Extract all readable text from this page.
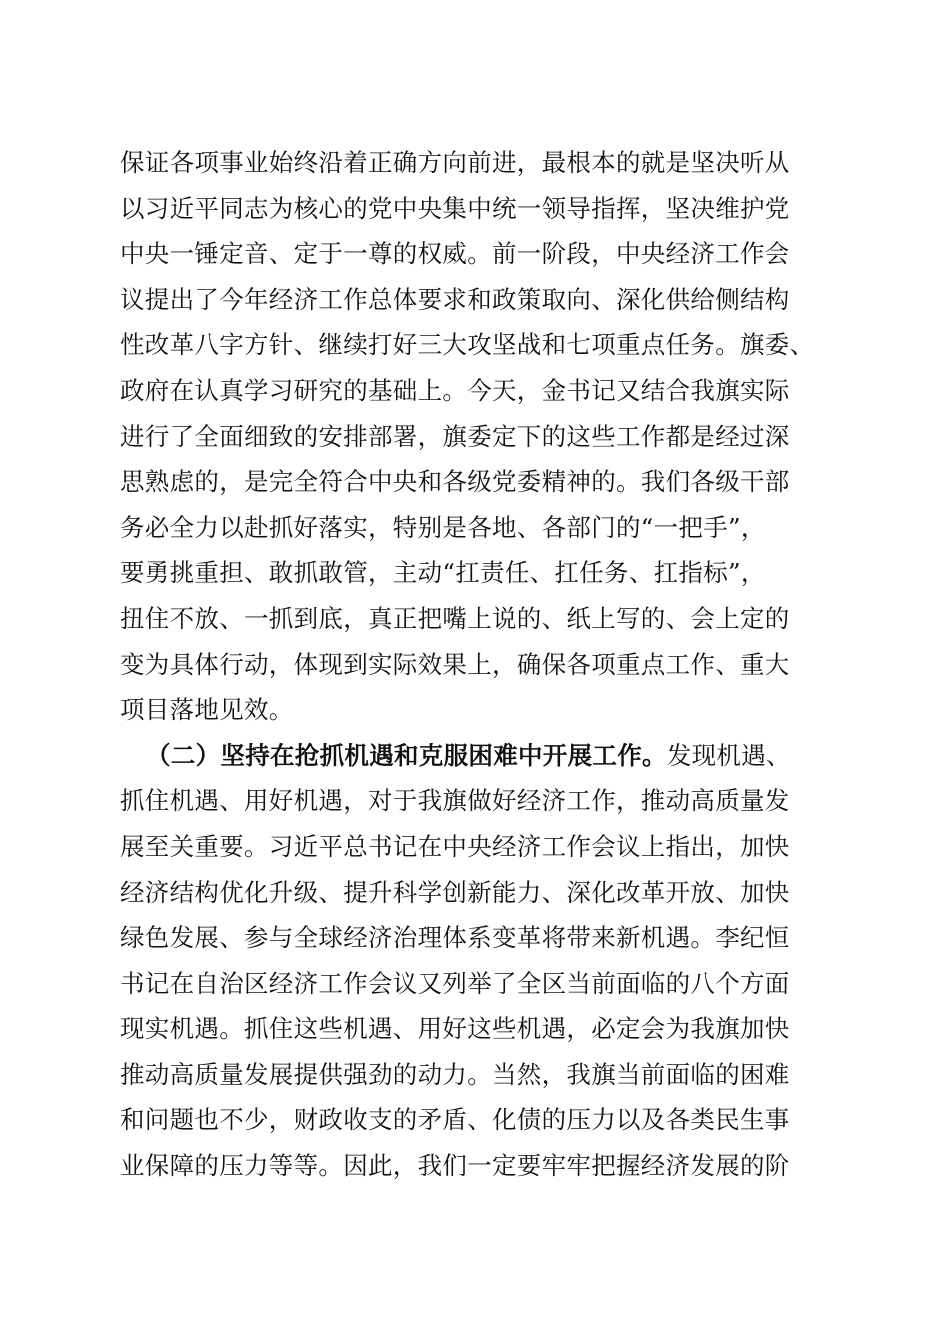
保证各项事业始终沿着正确方向前进，最根本的就是坚决听从
以习近平同志为核心的党中央集中统一领导指挥，坚决维护党
中央一锤定音、定于一尊的权威。前一阶段，中央经济工作会
议提出了今年经济工作总体要求和政策取向、深化供给侧结构
性改革八字方针、继续打好三大攻坚战和七项重点任务。旗委、
政府在认真学习研究的基础上。今天，金书记又结合我旗实际
进行了全面细致的安排部署，旗委定下的这些工作都是经过深
思熟虑的，是完全符合中央和各级党委精神的。我们各级干部
务必全力以赴抓好落实，特别是各地、各部门的“一把手”，
要勇挑重担、敢抓敢管，主动“扛责任、扛任务、扛指标”，
扭住不放、一抓到底，真正把嘴上说的、纸上写的、会上定的
变为具体行动，体现到实际效果上，确保各项重点工作、重大
项目落地见效。
（二）坚持在抢抓机遇和克服困难中开展工作。发现机遇、
抓住机遇、用好机遇，对于我旗做好经济工作，推动高质量发
展至关重要。习近平总书记在中央经济工作会议上指出，加快
经济结构优化升级、提升科学创新能力、深化改革开放、加快
绿色发展、参与全球经济治理体系变革将带来新机遇。李纪恒
书记在自治区经济工作会议又列举了全区当前面临的八个方面
现实机遇。抓住这些机遇、用好这些机遇，必定会为我旗加快
推动高质量发展提供强劲的动力。当然，我旗当前面临的困难
和问题也不少，财政收支的矛盾、化债的压力以及各类民生事
业保障的压力等等。因此，我们一定要牢牢把握经济发展的阶
